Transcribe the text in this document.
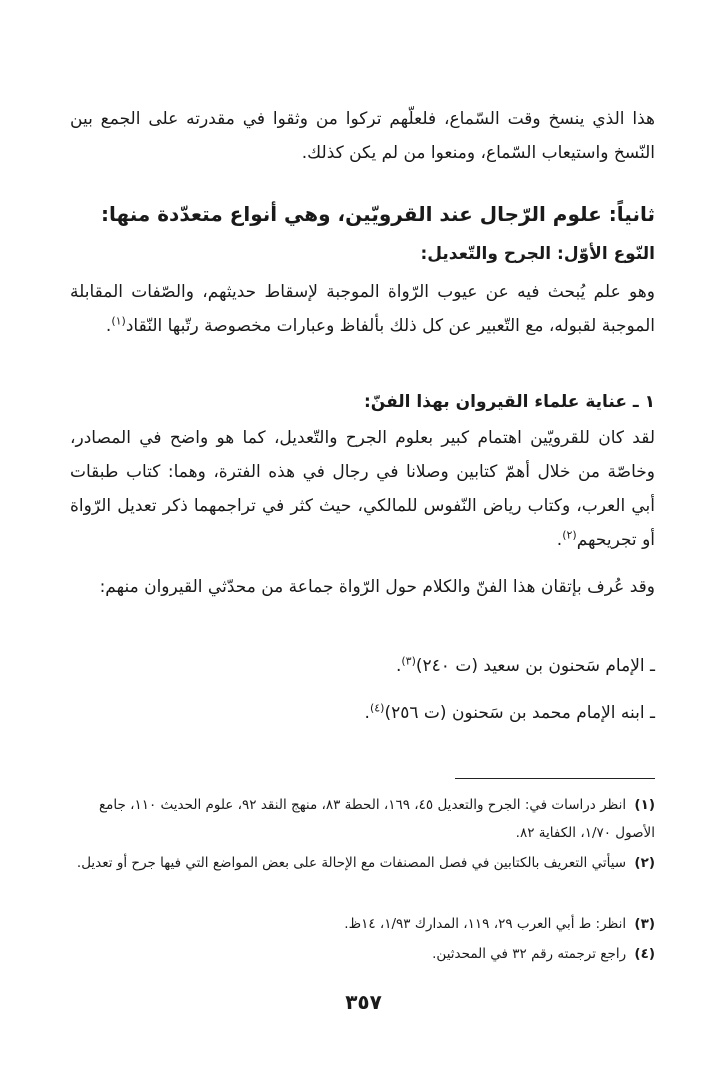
هذا الذي ينسخ وقت السّماع، فلعلّهم تركوا من وثقوا في مقدرته على الجمع بين النّسخ واستيعاب السّماع، ومنعوا من لم يكن كذلك.

ثانياً: علوم الرّجال عند القرويّين، وهي أنواع متعدّدة منها:
النّوع الأوّل: الجرح والتّعديل:

وهو علم يُبحث فيه عن عيوب الرّواة الموجبة لإسقاط حديثهم، والصّفات المقابلة الموجبة لقبوله، مع التّعبير عن كل ذلك بألفاظ وعبارات مخصوصة رتّبها النّقاد$^{(١)}$.

١ ـ عناية علماء القيروان بهذا الفنّ:

لقد كان للقرويّين اهتمام كبير بعلوم الجرح والتّعديل، كما هو واضح في المصادر، وخاصّة من خلال أهمّ كتابين وصلانا في رجال في هذه الفترة، وهما: كتاب طبقات أبي العرب، وكتاب رياض النّفوس للمالكي، حيث كثر في تراجمهما ذكر تعديل الرّواة أو تجريحهم$^{(٢)}$.

وقد عُرف بإتقان هذا الفنّ والكلام حول الرّواة جماعة من محدّثي القيروان منهم:

ـ الإمام سَحنون بن سعيد (ت ٢٤٠)$^{(٣)}$.

ـ ابنه الإمام محمد بن سَحنون (ت ٢٥٦)$^{(٤)}$.

(١) انظر دراسات في: الجرح والتعديل ٤٥، ١٦٩، الحطة ٨٣، منهج النقد ٩٢، علوم الحديث ١١٠، جامع الأصول ١/٧٠، الكفاية ٨٢.

(٢) سيأتي التعريف بالكتابين في فصل المصنفات مع الإحالة على بعض المواضع التي فيها جرح أو تعديل.

(٣) انظر: ط أبي العرب ٢٩، ١١٩، المدارك ١/٩٣، ١٤ظ.

(٤) راجع ترجمته رقم ٣٢ في المحدثين.

٣٥٧
